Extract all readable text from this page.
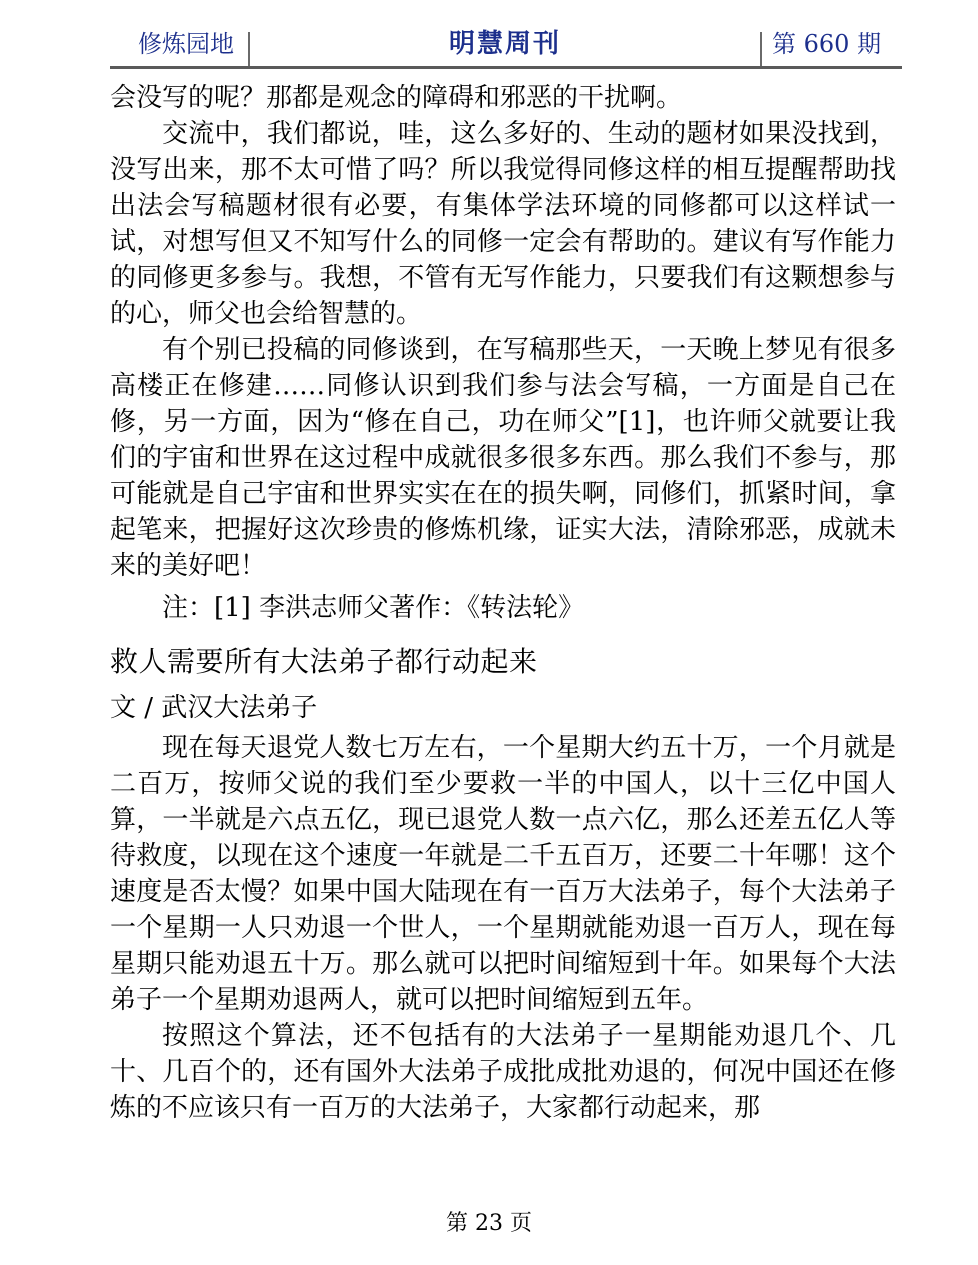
修炼园地	明慧周刊	第 660 期

会没写的呢？那都是观念的障碍和邪恶的干扰啊。

交流中，我们都说，哇，这么多好的、生动的题材如果没找到，没写出来，那不太可惜了吗？所以我觉得同修这样的相互提醒帮助找出法会写稿题材很有必要，有集体学法环境的同修都可以这样试一试，对想写但又不知写什么的同修一定会有帮助的。建议有写作能力的同修更多参与。我想，不管有无写作能力，只要我们有这颗想参与的心，师父也会给智慧的。

有个别已投稿的同修谈到，在写稿那些天，一天晚上梦见有很多高楼正在修建……同修认识到我们参与法会写稿，一方面是自己在修，另一方面，因为“修在自己，功在师父”[1]，也许师父就要让我们的宇宙和世界在这过程中成就很多很多东西。那么我们不参与，那可能就是自己宇宙和世界实实在在的损失啊，同修们，抓紧时间，拿起笔来，把握好这次珍贵的修炼机缘，证实大法，清除邪恶，成就未来的美好吧！

注：[1] 李洪志师父著作：《转法轮》

救人需要所有大法弟子都行动起来
文 / 武汉大法弟子

现在每天退党人数七万左右，一个星期大约五十万，一个月就是二百万，按师父说的我们至少要救一半的中国人，以十三亿中国人算，一半就是六点五亿，现已退党人数一点六亿，那么还差五亿人等待救度，以现在这个速度一年就是二千五百万，还要二十年哪！这个速度是否太慢？如果中国大陆现在有一百万大法弟子，每个大法弟子一个星期一人只劝退一个世人，一个星期就能劝退一百万人，现在每星期只能劝退五十万。那么就可以把时间缩短到十年。如果每个大法弟子一个星期劝退两人，就可以把时间缩短到五年。

按照这个算法，还不包括有的大法弟子一星期能劝退几个、几十、几百个的，还有国外大法弟子成批成批劝退的，何况中国还在修炼的不应该只有一百万的大法弟子，大家都行动起来，那

第 23 页
